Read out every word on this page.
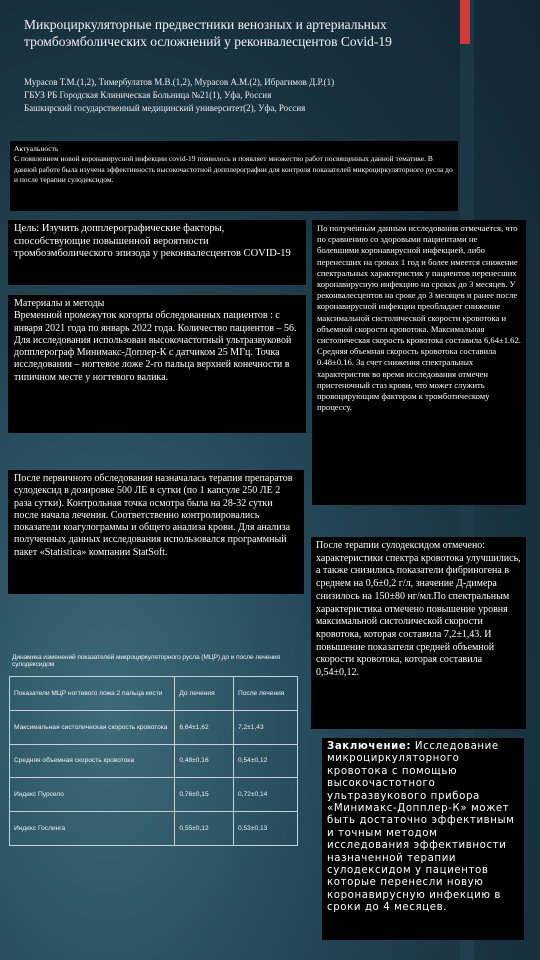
Микроциркуляторные предвестники венозных и артериальных тромбоэмболических осложнений у реконвалесцентов Covid-19
Мурасов Т.М.(1,2), Тимербулатов М.В.(1,2), Мурасов А.М.(2), Ибрагимов Д.Р.(1)
ГБУЗ РБ Городская Клиническая Больница №21(1), Уфа, Россия
Башкирский государственный медицинский университет(2), Уфа, Россия
Актуальность
С появлением новой коронавирусной инфекции covid-19 появилось и появляет множество работ посвященных данной тематике. В данной работе была изучена эффективность высокочастотной допплерографии для контроля показателей микроциркуляторного русла до и после терапии сулодексидом.
Цель: Изучить допплерографические факторы, способствующие повышенной вероятности тромбоэмболического эпизода у реконвалесцентов COVID-19
Материалы и методы
Временной промежуток когорты обследованных пациентов : с января 2021 года по январь 2022 года. Количество пациентов – 56. Для исследования использован высокочастотный ультразвуковой допплерограф Минимакс-Доплер-К с датчиком 25 МГц. Точка исследования – ногтевое ложе 2-го пальца верхней конечности в типичном месте у ногтевого валика.
После первичного обследования назначалась терапия препаратов сулодексид в дозировке 500 ЛЕ в сутки (по 1 капсуле 250 ЛЕ 2 раза сутки). Контрольная точка осмотра была на 28-32 сутки после начала лечения. Соответственно контролировались показатели коагулограммы и общего анализа крови. Для анализа полученных данных исследования использовался программный пакет «Statistica» компании StatSoft.
По полученным данным исследования отмечается, что по сравнению со здоровыми пациентами не болевшими коронавирусной инфекцией, либо перенесших на сроках 1 год и более имеется снижение спектральных характеристик у пациентов перенесших коронавирусную инфекцию на сроках до 3 месяцев. У реконвалесцентов на сроке до 3 месяцев и ранее после коронавирусной инфекции преобладает снижение максимальной систолической скорости кровотока и объемной скорости кровотока. Максимальная систолическая скорость кровотока составила 6,64±1.62. Средняя объемная скорость кровотока составила 0.48±0.16. За счет снижения спектральных характеристик во время исследования отмечен пристеночный стаз крови, что может служить провоцирующим фактором к тромботическому процессу.
После терапии сулодексидом отмечено: характеристики спектра кровотока улучшились, а также снизились показатели фибриногена в среднем на 0,6±0,2 г/л, значение Д-димера снизилось на 150±80 нг/мл.По спектральным характеристика отмечено повышение уровня максимальной систолической скорости кровотока, которая составила 7,2±1,43. И повышение показателя средней объемной скорости кровотока, которая составила 0,54±0,12.
Заключение: Исследование микроциркуляторного кровотока с помощью высокочастотного ультразвукового прибора «Минимакс-Допплер-К» может быть достаточно эффективным и точным методом исследования эффективности назначенной терапии сулодексидом у пациентов которые перенесли новую коронавирусную инфекцию в сроки до 4 месяцев.
Динамика изменений показателей микроциркуляторного русла (МЦР) до и после лечения сулодексидом
Показатели МЦР ногтевого ложа 2 пальца кисти	До лечения	После лечения
Максимальная систолическая скорость кровотока	6,64±1,62	7,2±1,43
Средняя объемная скорость кровотока	0,48±0,16	0,54±0,12
Индекс Пурсело	0,76±0,15	0,72±0,14
Индекс Гослинга	0,55±0,12	0,53±0,13
